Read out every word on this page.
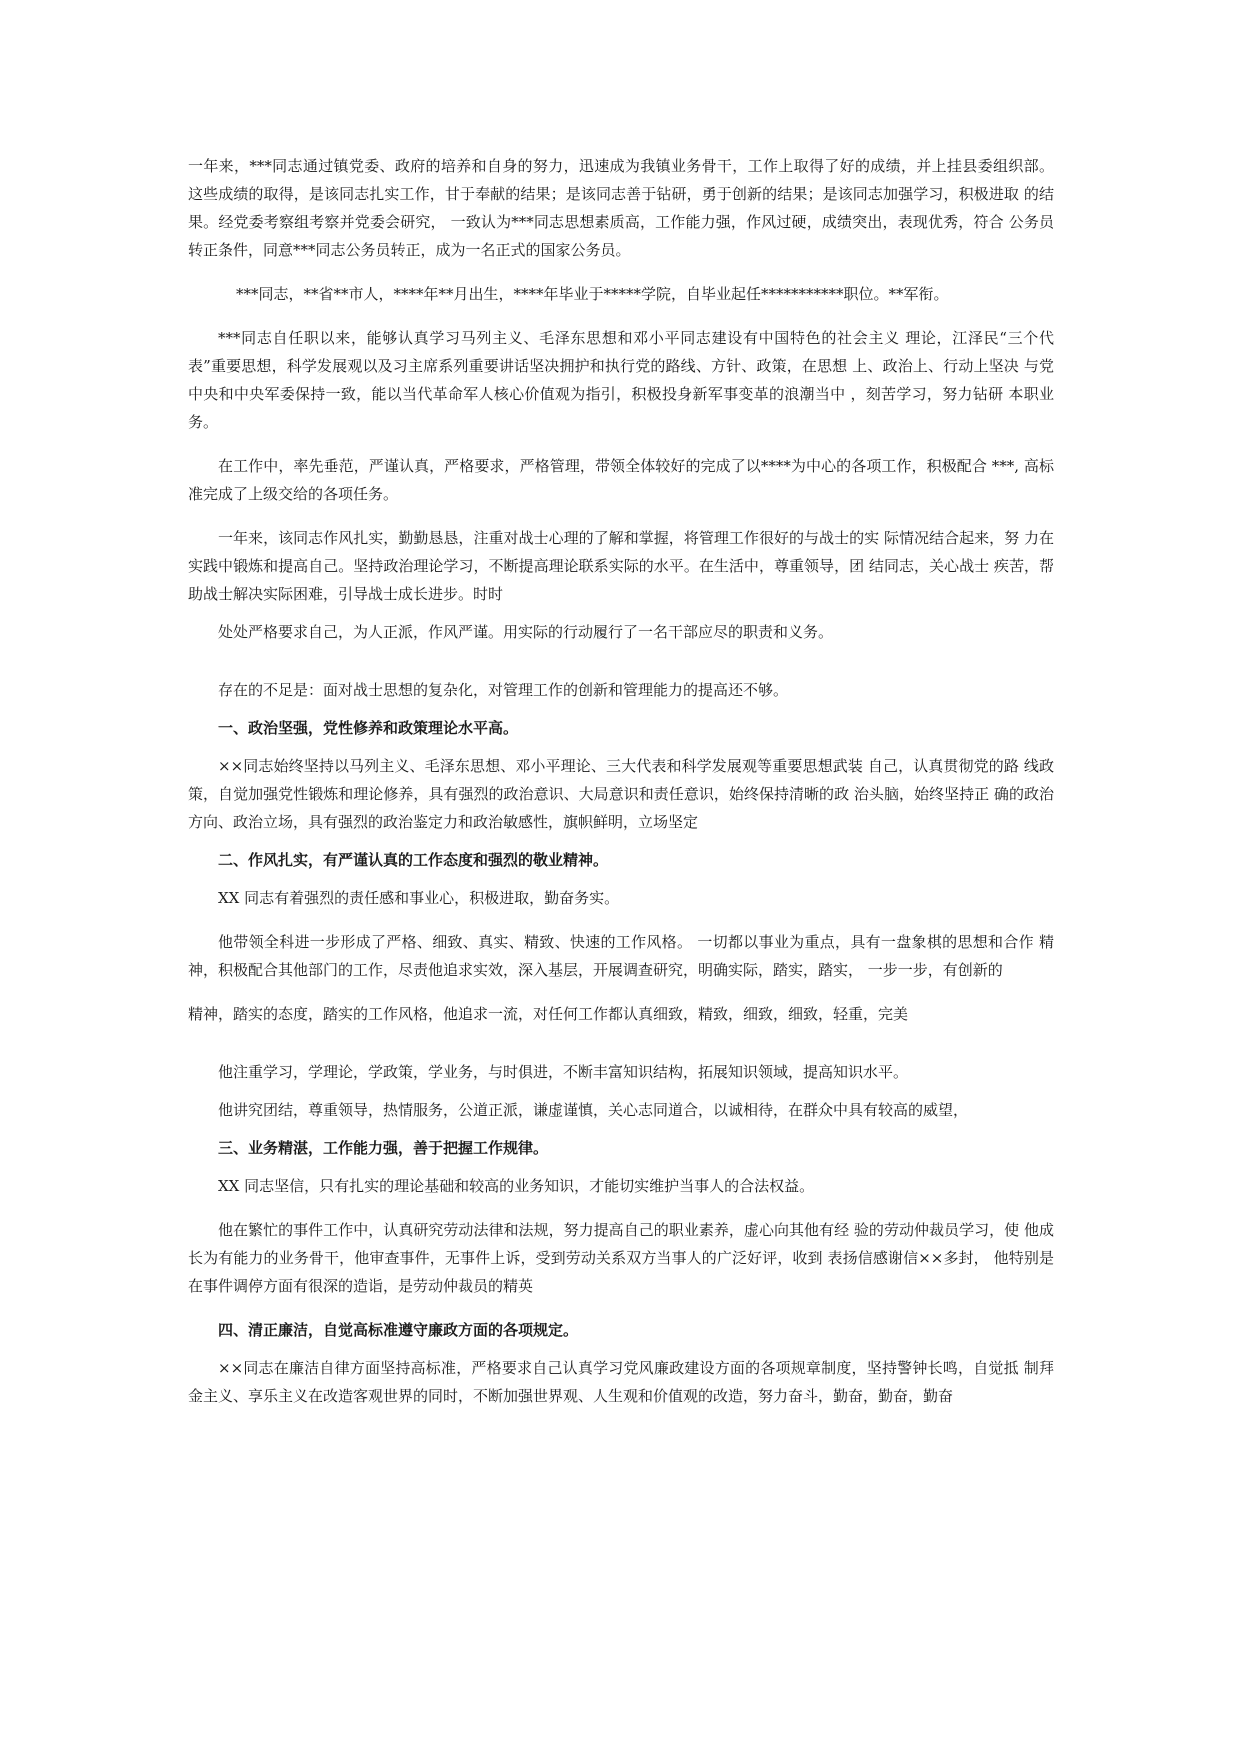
一年来，***同志通过镇党委、政府的培养和自身的努力，迅速成为我镇业务骨干，工作上取得了好的成绩，并上挂县委组织部。 这些成绩的取得，是该同志扎实工作，甘于奉献的结果；是该同志善于钻研，勇于创新的结果；是该同志加强学习，积极进取 的结果。经党委考察组考察并党委会研究， 一致认为***同志思想素质高，工作能力强，作风过硬，成绩突出，表现优秀，符合 公务员转正条件，同意***同志公务员转正，成为一名正式的国家公务员。

***同志，**省**市人，****年**月出生，****年毕业于*****学院，自毕业起任***********职位。**军衔。

***同志自任职以来，能够认真学习马列主义、毛泽东思想和邓小平同志建设有中国特色的社会主义 理论，江泽民“三个代 表”重要思想，科学发展观以及习主席系列重要讲话坚决拥护和执行党的路线、方针、政策，在思想 上、政治上、行动上坚决 与党中央和中央军委保持一致，能以当代革命军人核心价值观为指引，积极投身新军事变革的浪潮当中 ，刻苦学习，努力钻研 本职业务。

在工作中，率先垂范，严谨认真，严格要求，严格管理，带领全体较好的完成了以****为中心的各项工作，积极配合 ***, 高标准完成了上级交给的各项任务。

一年来，该同志作风扎实，勤勤恳恳，注重对战士心理的了解和掌握，将管理工作很好的与战士的实 际情况结合起来，努 力在实践中锻炼和提高自己。坚持政治理论学习，不断提高理论联系实际的水平。在生活中，尊重领导，团 结同志，关心战士 疾苦，帮助战士解决实际困难，引导战士成长进步。时时

处处严格要求自己，为人正派，作风严谨。用实际的行动履行了一名干部应尽的职责和义务。

存在的不足是：面对战士思想的复杂化，对管理工作的创新和管理能力的提高还不够。

一、政治坚强，党性修养和政策理论水平高。

××同志始终坚持以马列主义、毛泽东思想、邓小平理论、三大代表和科学发展观等重要思想武装 自己，认真贯彻党的路 线政策，自觉加强党性锻炼和理论修养，具有强烈的政治意识、大局意识和责任意识，始终保持清晰的政 治头脑，始终坚持正 确的政治方向、政治立场，具有强烈的政治鉴定力和政治敏感性，旗帜鲜明，立场坚定

二、作风扎实，有严谨认真的工作态度和强烈的敬业精神。

XX 同志有着强烈的责任感和事业心，积极进取，勤奋务实。

他带领全科进一步形成了严格、细致、真实、精致、快速的工作风格。 一切都以事业为重点，具有一盘象棋的思想和合作 精神，积极配合其他部门的工作，尽责他追求实效，深入基层，开展调查研究，明确实际，踏实，踏实， 一步一步，有创新的

精神，踏实的态度，踏实的工作风格，他追求一流，对任何工作都认真细致，精致，细致，细致，轻重，完美

他注重学习，学理论，学政策，学业务，与时俱进，不断丰富知识结构，拓展知识领域，提高知识水平。

他讲究团结，尊重领导，热情服务，公道正派，谦虚谨慎，关心志同道合，以诚相待，在群众中具有较高的威望，

三、业务精湛，工作能力强，善于把握工作规律。

XX 同志坚信，只有扎实的理论基础和较高的业务知识，才能切实维护当事人的合法权益。

他在繁忙的事件工作中，认真研究劳动法律和法规，努力提高自己的职业素养，虚心向其他有经 验的劳动仲裁员学习，使 他成长为有能力的业务骨干，他审查事件，无事件上诉，受到劳动关系双方当事人的广泛好评，收到 表扬信感谢信××多封， 他特别是在事件调停方面有很深的造诣，是劳动仲裁员的精英

四、清正廉洁，自觉高标准遵守廉政方面的各项规定。

××同志在廉洁自律方面坚持高标准，严格要求自己认真学习党风廉政建设方面的各项规章制度，坚持警钟长鸣，自觉抵 制拜金主义、享乐主义在改造客观世界的同时，不断加强世界观、人生观和价值观的改造，努力奋斗，勤奋，勤奋，勤奋
